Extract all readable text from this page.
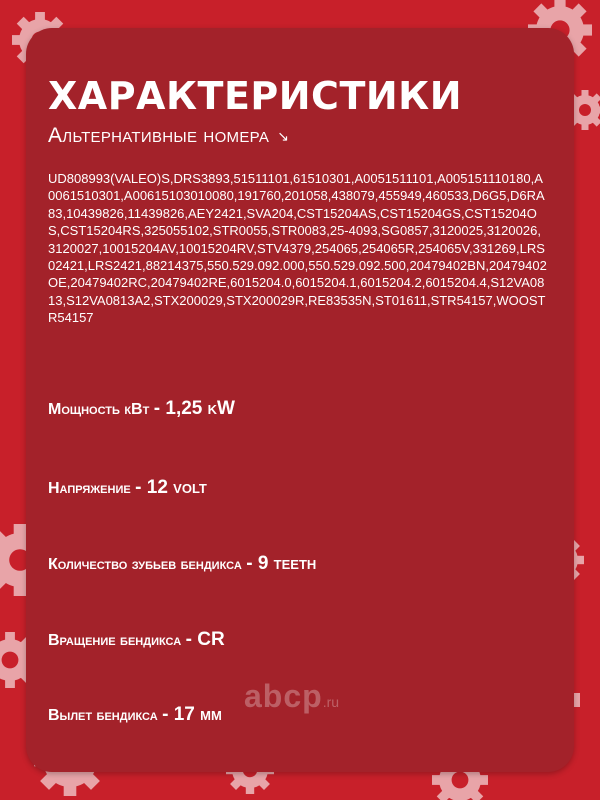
ХАРАКТЕРИСТИКИ
Альтернативные номера ↘

UD808993(VALEO)S,DRS3893,51511101,61510301,A0051511101,A005151110180,A0061510301,A00615103010080,191760,201058,438079,455949,460533,D6G5,D6RA83,10439826,11439826,AEY2421,SVA204,CST15204AS,CST15204GS,CST15204OS,CST15204RS,325055102,STR0055,STR0083,25-4093,SG0857,3120025,3120026,3120027,10015204AV,10015204RV,STV4379,254065,254065R,254065V,331269,LRS02421,LRS2421,88214375,550.529.092.000,550.529.092.500,20479402BN,20479402OE,20479402RC,20479402RE,6015204.0,6015204.1,6015204.2,6015204.4,S12VA0813,S12VA0813A2,STX200029,STX200029R,RE83535N,ST01611,STR54157,WOOSTR54157

Мощность кВт - 1,25 kW

Напряжение - 12 volt

Количество зубьев бендикса - 9 teeth

Вращение бендикса - CR

Вылет бендикса - 17 мм

abcp.ru
